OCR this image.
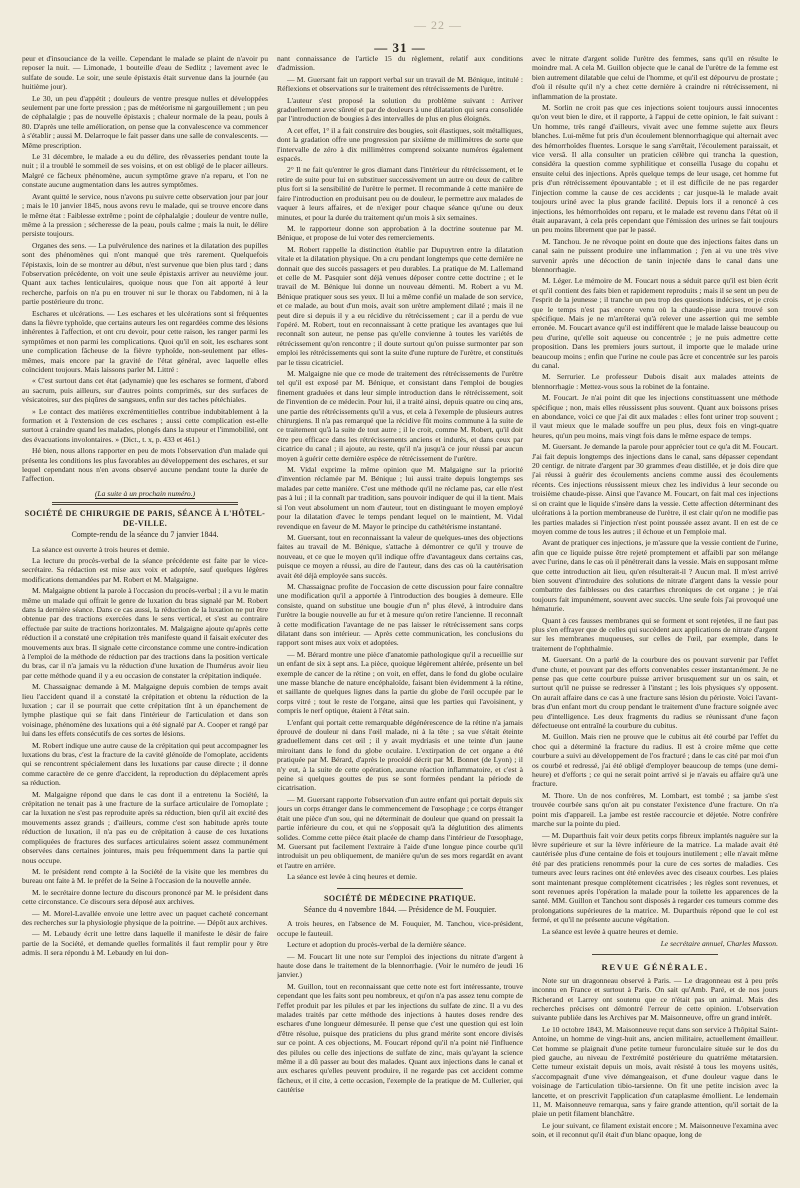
— 22 —
— 31 —

peur et d'insouciance de la veille. Cependant le malade se plaint de n'avoir pu reposer la nuit. — Limonade, 1 bouteille d'eau de Sedlitz ; lavement avec le sulfate de soude. Le soir, une seule épistaxis était survenue dans la journée (au huitième jour).

Le 30, un peu d'appétit ; douleurs de ventre presque nulles et développées seulement par une forte pression ; pas de météorisme ni gargouillement ; un peu de céphalalgie ; pas de nouvelle épistaxis ; chaleur normale de la peau, pouls à 80. D'après une telle amélioration, on pense que la convalescence va commencer à s'établir ; aussi M. Delarroque le fait passer dans une salle de convalescents. — Même prescription.

Le 31 décembre, le malade a eu du délire, des rêvasseries pendant toute la nuit ; il a troublé le sommeil de ses voisins, et on est obligé de le placer ailleurs. Malgré ce fâcheux phénomène, aucun symptôme grave n'a reparu, et l'on ne constate aucune augmentation dans les autres symptômes.

Avant quitté le service, nous n'avons pu suivre cette observation jour par jour ; mais le 10 janvier 1845, nous avons revu le malade, qui se trouve encore dans le même état : Faiblesse extrême ; point de céphalalgie ; douleur de ventre nulle, même à la pression ; sécheresse de la peau, pouls calme ; mais la nuit, le délire persiste toujours.

Organes des sens. — La pulvérulence des narines et la dilatation des pupilles sont des phénomènes qui n'ont manqué que très rarement. Quelquefois l'épistaxis, loin de se montrer au début, n'est survenue que bien plus tard ; dans l'observation précédente, on voit une seule épistaxis arriver au neuvième jour. Quant aux taches lenticulaires, quoique nous que l'on ait apporté à leur recherche, parfois on n'a pu en trouver ni sur le thorax ou l'abdomen, ni à la partie postérieure du tronc.

Eschares et ulcérations. — Les eschares et les ulcérations sont si fréquentes dans la fièvre typhoïde, que certains auteurs les ont regardées comme des lésions inhérentes à l'affection, et ont cru devoir, pour cette raison, les ranger parmi les symptômes et non parmi les complications. Quoi qu'il en soit, les eschares sont une complication fâcheuse de la fièvre typhoïde, non-seulement par elles-mêmes, mais encore par la gravité de l'état général, avec laquelle elles coïncident toujours. Mais laissons parler M. Littré :

« C'est surtout dans cet état (adynamie) que les eschares se forment, d'abord au sacrum, puis ailleurs, sur d'autres points comprimés, sur des surfaces de vésicatoires, sur des piqûres de sangsues, enfin sur des taches pétéchiales.

» Le contact des matières excrémentitielles contribue indubitablement à la formation et à l'extension de ces eschares ; aussi cette complication est-elle surtout à craindre quand les malades, plongés dans la stupeur et l'immobilité, ont des évacuations involontaires. » (Dict., t. x, p. 433 et 461.)

Hé bien, nous allons rapporter en peu de mots l'observation d'un malade qui présenta les conditions les plus favorables au développement des eschares, et sur lequel cependant nous n'en avons observé aucune pendant toute la durée de l'affection.

(La suite à un prochain numéro.)
SOCIÉTÉ DE CHIRURGIE DE PARIS, SÉANCE À L'HÔTEL-DE-VILLE.
Compte-rendu de la séance du 7 janvier 1844.

La séance est ouverte à trois heures et demie.

La lecture du procès-verbal de la séance précédente est faite par le vice-secrétaire. Sa rédaction est mise aux voix et adoptée, sauf quelques légères modifications demandées par M. Robert et M. Malgaigne.

M. Malgaigne obtient la parole à l'occasion du procès-verbal ; il a vu le matin même un malade qui offrait le genre de luxation du bras signalé par M. Robert dans la dernière séance. Dans ce cas aussi, la réduction de la luxation ne put être obtenue par des tractions exercées dans le sens vertical, et s'est au contraire effectuée par suite de tractions horizontales. M. Malgaigne ajoute qu'après cette réduction il a constaté une crépitation très manifeste quand il faisait exécuter des mouvements aux bras. Il signale cette circonstance comme une contre-indication à l'emploi de la méthode de réduction par des tractions dans la position verticale du bras, car il n'a jamais vu la réduction d'une luxation de l'humérus avoir lieu par cette méthode quand il y a eu occasion de constater la crépitation indiquée.

M. Chassaignac demande à M. Malgaigne depuis combien de temps avait lieu l'accident quand il a constaté la crépitation et obtenu la réduction de la luxation ; car il se pourrait que cette crépitation tînt à un épanchement de lymphe plastique qui se fait dans l'intérieur de l'articulation et dans son voisinage, phénomène des luxations qui a été signalé par A. Cooper et rangé par lui dans les effets consécutifs de ces sortes de lésions.

M. Robert indique une autre cause de la crépitation qui peut accompagner les luxations du bras, c'est la fracture de la cavité glénoïde de l'omoplate, accidents qui se rencontrent spécialement dans les luxations par cause directe ; il donne comme caractère de ce genre d'accident, la reproduction du déplacement après sa réduction.

M. Malgaigne répond que dans le cas dont il a entretenu la Société, la crépitation ne tenait pas à une fracture de la surface articulaire de l'omoplate ; car la luxation ne s'est pas reproduite après sa réduction, bien qu'il ait excité des mouvements assez grands ; d'ailleurs, comme c'est son habitude après toute réduction de luxation, il n'a pas eu de crépitation à cause de ces luxations compliquées de fractures des surfaces articulaires soient assez communément observées dans certaines jointures, mais peu fréquemment dans la partie qui nous occupe.

M. le président rend compte à la Société de la visite que les membres du bureau ont faite à M. le préfet de la Seine à l'occasion de la nouvelle année.

M. le secrétaire donne lecture du discours prononcé par M. le président dans cette circonstance. Ce discours sera déposé aux archives.

— M. Morel-Lavallée envoie une lettre avec un paquet cacheté concernant des recherches sur la physiologie physique de la poitrine. — Dépôt aux archives.

— M. Lebaudy écrit une lettre dans laquelle il manifeste le désir de faire partie de la Société, et demande quelles formalités il faut remplir pour y être admis. Il sera répondu à M. Lebaudy en lui don-

nant connaissance de l'article 15 du règlement, relatif aux conditions d'admission.

— M. Guersant fait un rapport verbal sur un travail de M. Bénique, intitulé : Réflexions et observations sur le traitement des rétrécissements de l'urètre.

L'auteur s'est proposé la solution du problème suivant : Arriver graduellement avec sûreté et par de douleurs à une dilatation qui sera consolidée par l'introduction de bougies à des intervalles de plus en plus éloignés.

A cet effet, 1° il a fait construire des bougies, soit élastiques, soit métalliques, dont la gradation offre une progression par sixième de millimètres de sorte que l'intervalle de zéro à dix millimètres comprend soixante numéros également espacés.

2° Il ne fait qu'entrer le gros diamant dans l'intérieur du rétrécissement, et le retire de suite pour lui en substituer successivement un autre ou deux de calibre plus fort si la sensibilité de l'urètre le permet. Il recommande à cette manière de faire l'introduction en produisant peu ou de douleur, le permettre aux malades de vaquer à leurs affaires, et de n'exiger pour chaque séance qu'une ou deux minutes, et pour la durée du traitement qu'un mois à six semaines.

M. le rapporteur donne son approbation à la doctrine soutenue par M. Bénique, et propose de lui voter des remerciements.

M. Robert rappelle la distinction établie par Dupuytren entre la dilatation vitale et la dilatation physique. On a cru pendant longtemps que cette dernière ne donnait que des succès passagers et peu durables. La pratique de M. Lallemand et celle de M. Pasquier sont déjà venues déposer contre cette doctrine ; et le travail de M. Bénique lui donne un nouveau démenti. M. Robert a vu M. Bénique pratiquer sous ses yeux. Il lui a même confié un malade de son service, et ce malade, au bout d'un mois, avait son urètre amplement dilaté ; mais il ne peut dire si depuis il y a eu récidive du rétrécissement ; car il a perdu de vue l'opéré. M. Robert, tout en reconnaissant à cette pratique les avantages que lui reconnaît son auteur, ne pense pas qu'elle convienne à toutes les variétés de rétrécissement qu'on rencontre ; il doute surtout qu'on puisse surmonter par son emploi les rétrécissements qui sont la suite d'une rupture de l'urètre, et constitués par le tissu cicatriciel.

M. Malgaigne nie que ce mode de traitement des rétrécissements de l'urètre tel qu'il est exposé par M. Bénique, et consistant dans l'emploi de bougies finement graduées et dans leur simple introduction dans le rétrécissement, soit de l'invention de ce médecin. Pour lui, il a traité ainsi, depuis quatre ou cinq ans, une partie des rétrécissements qu'il a vus, et cela à l'exemple de plusieurs autres chirurgiens. Il n'a pas remarqué que la récidive fût moins commune à la suite de ce traitement qu'à la suite de tout autre ; il le croit, comme M. Robert, qu'il doit être peu efficace dans les rétrécissements anciens et indurés, et dans ceux par cicatrice du canal ; il ajoute, au reste, qu'il n'a jusqu'à ce jour réussi par aucun moyen à guérir cette dernière espèce de rétrécissement de l'urètre.

M. Vidal exprime la même opinion que M. Malgaigne sur la priorité d'invention réclamée par M. Bénique ; lui aussi traite depuis longtemps ses malades par cette manière. C'est une méthode qu'il ne réclame pas, car elle n'est pas à lui ; il la connaît par tradition, sans pouvoir indiquer de qui il la tient. Mais si l'on veut absolument un nom d'auteur, tout en distinguant le moyen employé pour la dilatation d'avec le temps pendant lequel on le maintient, M. Vidal revendique en faveur de M. Mayor le principe du cathétérisme instantané.

M. Guersant, tout en reconnaissant la valeur de quelques-unes des objections faites au travail de M. Bénique, s'attache à démontrer ce qu'il y trouve de nouveau, et ce que le moyen qu'il indique offre d'avantageux dans certains cas, puisque ce moyen a réussi, au dire de l'auteur, dans des cas où la cautérisation avait été déjà employée sans succès.

M. Chassaignac profite de l'occasion de cette discussion pour faire connaître une modification qu'il a apportée à l'introduction des bougies à demeure. Elle consiste, quand on substitue une bougie d'un nº plus élevé, à introduire dans l'urètre la bougie nouvelle au fur et à mesure qu'on retire l'ancienne. Il reconnaît à cette modification l'avantage de ne pas laisser le rétrécissement sans corps dilatant dans son intérieur. — Après cette communication, les conclusions du rapport sont mises aux voix et adoptées.

— M. Bérard montre une pièce d'anatomie pathologique qu'il a recueillie sur un enfant de six à sept ans. La pièce, quoique légèrement altérée, présente un bel exemple de cancer de la rétine ; on voit, en effet, dans le fond du globe oculaire une masse blanche de nature encéphaloïde, faisant bien évidemment à la rétine, et saillante de quelques lignes dans la partie du globe de l'œil occupée par le corps vitré ; tout le reste de l'organe, ainsi que les parties qui l'avoisinent, y compris le nerf optique, étaient à l'état sain.

L'enfant qui portait cette remarquable dégénérescence de la rétine n'a jamais éprouvé de douleur ni dans l'œil malade, ni à la tête ; sa vue s'était éteinte graduellement dans cet œil ; il y avait mydriasis et une teinte d'un jaune miroitant dans le fond du globe oculaire. L'extirpation de cet organe a été pratiquée par M. Bérard, d'après le procédé décrit par M. Bonnet (de Lyon) ; il n'y eut, à la suite de cette opération, aucune réaction inflammatoire, et c'est à peine si quelques gouttes de pus se sont formées pendant la période de cicatrisation.

— M. Guersant rapporte l'observation d'un autre enfant qui portait depuis six jours un corps étranger dans le commencement de l'œsophage ; ce corps étranger était une pièce d'un sou, qui ne déterminait de douleur que quand on pressait la partie inférieure du cou, et qui ne s'opposait qu'à la déglutition des aliments solides. Comme cette pièce était placée de champ dans l'intérieur de l'œsophage, M. Guersant put facilement l'extraire à l'aide d'une longue pince courbe qu'il introduisit un peu obliquement, de manière qu'un de ses mors regardât en avant et l'autre en arrière.

La séance est levée à cinq heures et demie.

SOCIÉTÉ DE MÉDECINE PRATIQUE.
Séance du 4 novembre 1844. — Présidence de M. Fouquier.

A trois heures, en l'absence de M. Fouquier, M. Tanchou, vice-président, occupe le fauteuil.

Lecture et adoption du procès-verbal de la dernière séance.

— M. Foucart lit une note sur l'emploi des injections du nitrate d'argent à haute dose dans le traitement de la blennorrhagie. (Voir le numéro de jeudi 16 janvier.)

M. Guillon, tout en reconnaissant que cette note est fort intéressante, trouve cependant que les faits sont peu nombreux, et qu'on n'a pas assez tenu compte de l'effet produit par les pilules et par les injections du sulfate de zinc. Il a vu des malades traités par cette méthode des injections à hautes doses rendre des eschares d'une longueur démesurée. Il pense que c'est une question qui est loin d'être résolue, puisque des praticiens du plus grand mérite sont encore divisés sur ce point. A ces objections, M. Foucart répond qu'il n'a point nié l'influence des pilules ou celle des injections de sulfate de zinc, mais qu'ayant la science même il a dû passer au bout des malades. Quant aux injections dans le canal et aux eschares qu'elles peuvent produire, il ne regarde pas cet accident comme fâcheux, et il cite, à cette occasion, l'exemple de la pratique de M. Cullerier, qui cautérise

avec le nitrate d'argent solide l'urètre des femmes, sans qu'il en résulte le moindre mal. A cela M. Guillon objecte que le canal de l'urètre de la femme est bien autrement dilatable que celui de l'homme, et qu'il est dépourvu de prostate ; d'où il résulte qu'il n'y a chez cette dernière à craindre ni rétrécissement, ni inflammation de la prostate.

M. Sorlin ne croit pas que ces injections soient toujours aussi innocentes qu'on veut bien le dire, et il rapporte, à l'appui de cette opinion, le fait suivant : Un homme, très rangé d'ailleurs, vivait avec une femme sujette aux fleurs blanches. Lui-même fut pris d'un écoulement blennorrhagique qui alternait avec des hémorrhoïdes fluentes. Lorsque le sang s'arrêtait, l'écoulement paraissait, et vice versâ. Il alla consulter un praticien célèbre qui trancha la question, considéra la question comme syphilitique et conseilla l'usage du copahu et ensuite celui des injections. Après quelque temps de leur usage, cet homme fut pris d'un rétrécissement épouvantable ; et il est difficile de ne pas regarder l'injection comme la cause de ces accidents ; car jusque-là le malade avait toujours uriné avec la plus grande facilité. Depuis lors il a renoncé à ces injections, les hémorrhoïdes ont reparu, et le malade est revenu dans l'état où il était auparavant, à cela près cependant que l'émission des urines se fait toujours un peu moins librement que par le passé.

M. Tanchou. Je ne révoque point en doute que des injections faites dans un canal sain ne puissent produire une inflammation ; j'en ai vu une très vive survenir après une décoction de tanin injectée dans le canal dans une blennorrhagie.

M. Léger. Le mémoire de M. Foucart nous a séduit parce qu'il est bien écrit et qu'il contient des faits bien et rapidement reproduits ; mais il se sent un peu de l'esprit de la jeunesse ; il tranche un peu trop des questions indécises, et je crois que le temps n'est pas encore venu où la chaude-pisse aura trouvé son spécifique. Mais je ne m'arrêterai qu'à relever une assertion qui me semble erronée. M. Foucart avance qu'il est indifférent que le malade laisse beaucoup ou peu d'urine, qu'elle soit aqueuse ou concentrée ; je ne puis admettre cette proposition. Dans les premiers jours surtout, il importe que le malade urine beaucoup moins ; enfin que l'urine ne coule pas âcre et concentrée sur les parois du canal.

M. Serrurier. Le professeur Dubois disait aux malades atteints de blennorrhagie : Mettez-vous sous la robinet de la fontaine.

M. Foucart. Je n'ai point dit que les injections constituassent une méthode spécifique ; non, mais elles réussissent plus souvent. Quant aux boissons prises en abondance, voici ce que j'ai dit aux malades : elles font uriner trop souvent ; il vaut mieux que le malade souffre un peu plus, deux fois en vingt-quatre heures, qu'un peu moins, mais vingt fois dans le même espace de temps.

M. Guersant. Je demande la parole pour apprécier tout ce qu'a dit M. Foucart. J'ai fait depuis longtemps des injections dans le canal, sans dépasser cependant 20 centigr. de nitrate d'argent par 30 grammes d'eau distillée, et je dois dire que j'ai réussi à guérir des écoulements anciens comme aussi des écoulements récents. Ces injections réussissent mieux chez les individus à leur seconde ou troisième chaude-pisse. Ainsi que l'avance M. Foucart, on fait mal ces injections si on craint que le liquide s'insère dans la vessie. Cette affection déterminant des ulcérations à la portion membraneuse de l'urètre, il est clair qu'on ne modifie pas les parties malades si l'injection n'est point poussée assez avant. Il en est de ce moyen comme de tous les autres ; il échoue et un l'emploie mal.

Avant de pratiquer ces injections, je m'assure que la vessie contient de l'urine, afin que ce liquide puisse être rejeté promptement et affaibli par son mélange avec l'urine, dans le cas où il pénétrerait dans la vessie. Mais en supposant même que cette introduction ait lieu, qu'en résulterait-il ? Aucun mal. Il m'est arrivé bien souvent d'introduire des solutions de nitrate d'argent dans la vessie pour combattre des faiblesses ou des catarrhes chroniques de cet organe ; je n'ai toujours fait impunément, souvent avec succès. Une seule fois j'ai provoqué une hématurie.

Quant à ces fausses membranes qui se forment et sont rejetées, il ne faut pas plus s'en effrayer que de celles qui succèdent aux applications de nitrate d'argent sur les membranes muqueuses, sur celles de l'œil, par exemple, dans le traitement de l'ophthalmie.

M. Guersant. On a parlé de la courbure des os pouvant survenir par l'effet d'une chute, et pouvant par des efforts convenables cesser instantanément. Je ne pense pas que cette courbure puisse arriver brusquement sur un os sain, et surtout qu'il ne puisse se redresser à l'instant ; les lois physiques s'y opposent. On aurait affaire dans ce cas à une fracture sans lésion du périoste. Voici l'avant-bras d'un enfant mort du croup pendant le traitement d'une fracture soignée avec peu d'intelligence. Les deux fragments du radius se réunissant d'une façon défectueuse ont entraîné la courbure du cubitus.

M. Guillon. Mais rien ne prouve que le cubitus ait été courbé par l'effet du choc qui a déterminé la fracture du radius. Il est à croire même que cette courbure a suivi au développement de l'os fracturé ; dans le cas cité par moi d'un os courbé et redressé, j'ai été obligé d'employer beaucoup de temps (une demi-heure) et d'efforts ; ce qui ne serait point arrivé si je n'avais eu affaire qu'à une fracture.

M. Thore. Un de nos confrères, M. Lombart, est tombé ; sa jambe s'est trouvée courbée sans qu'on ait pu constater l'existence d'une fracture. On n'a point mis d'appareil. La jambe est restée raccourcie et déjetée. Notre confrère marche sur la pointe du pied.

— M. Duparthuis fait voir deux petits corps fibreux implantés naguère sur la lèvre supérieure et sur la lèvre inférieure de la matrice. La malade avait été cautérisée plus d'une centaine de fois et toujours inutilement ; elle n'avait même été par des praticiens renommés pour la cure de ces sortes de maladies. Ces tumeurs avec leurs racines ont été enlevées avec des ciseaux courbes. Les plaies sont maintenant presque complètement cicatrisées ; les règles sont revenues, et sont revenues après l'opération la malade pour la toilette les apparences de la santé. MM. Guillon et Tanchou sont disposés à regarder ces tumeurs comme des prolongations supérieures de la matrice. M. Duparthuis répond que le col est fermé, et qu'il ne présente aucune végétation.

La séance est levée à quatre heures et demie.

Le secrétaire annuel, Charles Masson.
REVUE GÉNÉRALE.

Note sur un dragonneau observé à Paris. — Le dragonneau est à peu près inconnu en France et surtout à Paris. On sait qu'Amb. Paré, et de nos jours Richerand et Larrey ont soutenu que ce n'était pas un animal. Mais des recherches précises ont démontré l'erreur de cette opinion. L'observation suivante publiée dans les Archives par M. Maisonneuve, offre un grand intérêt.

Le 10 octobre 1843, M. Maisonneuve reçut dans son service à l'hôpital Saint-Antoine, un homme de vingt-huit ans, ancien militaire, actuellement émailleur. Cet homme se plaignait d'une petite tumeur furonculaire située sur le dos du pied gauche, au niveau de l'extrémité postérieure du quatrième métatarsien. Cette tumeur existait depuis un mois, avait résisté à tous les moyens usités, s'accompagnait d'une vive démangeaison, et d'une douleur vague dans le voisinage de l'articulation tibio-tarsienne. On fit une petite incision avec la lancette, et on prescrivit l'application d'un cataplasme émollient. Le lendemain 11, M. Maisonneuve remarqua, sans y faire grande attention, qu'il sortait de la plaie un petit filament blanchâtre.

Le jour suivant, ce filament existait encore ; M. Maisonneuve l'examina avec soin, et il reconnut qu'il était d'un blanc opaque, long de
